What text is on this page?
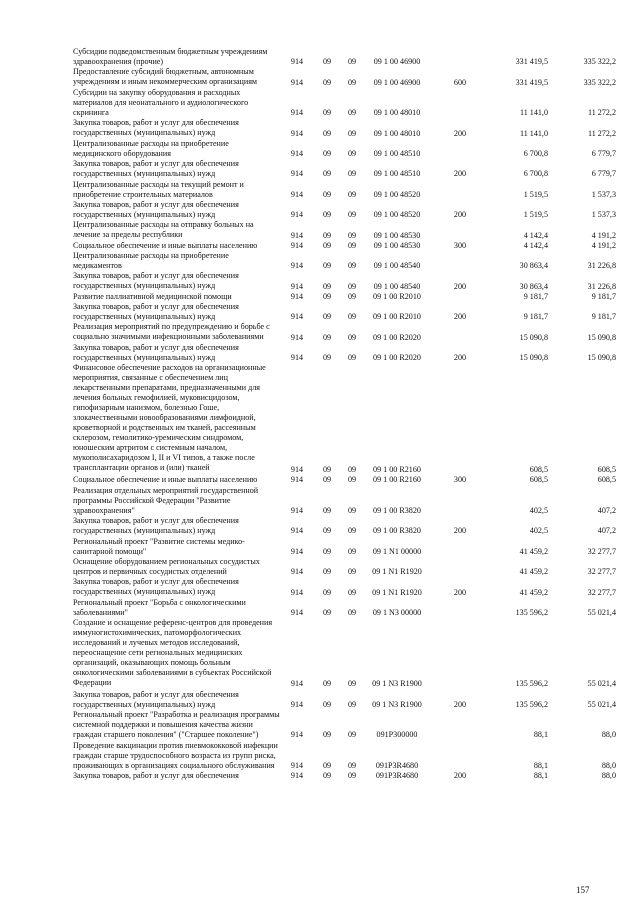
Субсидии подведомственным бюджетным учреждениям
здравоохранения (прочие)	914	09	09	09 1 00 46900	331 419,5	335 322,2
Предоставление субсидий бюджетным, автономным
учреждениям и иным некоммерческим организациям	914	09	09	09 1 00 46900	600	331 419,5	335 322,2
Субсидии на закупку оборудования и расходных
материалов для неонатального и аудиологического
скрининга	914	09	09	09 1 00 48010	11 141,0	11 272,2
Закупка товаров, работ и услуг для обеспечения
государственных (муниципальных) нужд	914	09	09	09 1 00 48010	200	11 141,0	11 272,2
Централизованные расходы на приобретение
медицинского оборудования	914	09	09	09 1 00 48510	6 700,8	6 779,7
Закупка товаров, работ и услуг для обеспечения
государственных (муниципальных) нужд	914	09	09	09 1 00 48510	200	6 700,8	6 779,7
Централизованные расходы на текущий ремонт и
приобретение строительных материалов	914	09	09	09 1 00 48520	1 519,5	1 537,3
Закупка товаров, работ и услуг для обеспечения
государственных (муниципальных) нужд	914	09	09	09 1 00 48520	200	1 519,5	1 537,3
Централизованные расходы на отправку больных на
лечение за пределы республики	914	09	09	09 1 00 48530	4 142,4	4 191,2
Социальное обеспечение и иные выплаты населению	914	09	09	09 1 00 48530	300	4 142,4	4 191,2
Централизованные расходы на приобретение
медикаментов	914	09	09	09 1 00 48540	30 863,4	31 226,8
Закупка товаров, работ и услуг для обеспечения
государственных (муниципальных) нужд	914	09	09	09 1 00 48540	200	30 863,4	31 226,8
Развитие паллиативной медицинской помощи	914	09	09	09 1 00 R2010	9 181,7	9 181,7
Закупка товаров, работ и услуг для обеспечения
государственных (муниципальных) нужд	914	09	09	09 1 00 R2010	200	9 181,7	9 181,7
Реализация мероприятий по предупреждению и борьбе с
социально значимыми инфекционными заболеваниями	914	09	09	09 1 00 R2020	15 090,8	15 090,8
Закупка товаров, работ и услуг для обеспечения
государственных (муниципальных) нужд	914	09	09	09 1 00 R2020	200	15 090,8	15 090,8
Финансовое обеспечение расходов на организационные
мероприятия, связанные с обеспечением лиц
лекарственными препаратами, предназначенными для
лечения больных гемофилией, муковисцидозом,
гипофизарным нанизмом, болезнью Гоше,
злокачественными новообразованиями лимфоидной,
кроветворной и родственных им тканей, рассеянным
склерозом, гемолитико-уремическим синдромом,
юношеским артритом с системным началом,
мукополисахаридозом I, II и VI типов, а также после
трансплантации органов и (или) тканей	914	09	09	09 1 00 R2160	608,5	608,5
Социальное обеспечение и иные выплаты населению	914	09	09	09 1 00 R2160	300	608,5	608,5
Реализация отдельных мероприятий государственной
программы Российской Федерации "Развитие
здравоохранения"	914	09	09	09 1 00 R3820	402,5	407,2
Закупка товаров, работ и услуг для обеспечения
государственных (муниципальных) нужд	914	09	09	09 1 00 R3820	200	402,5	407,2
Региональный проект "Развитие системы медико-
санитарной помощи"	914	09	09	09 1 N1 00000	41 459,2	32 277,7
Оснащение оборудованием региональных сосудистых
центров и первичных сосудистых отделений	914	09	09	09 1 N1 R1920	41 459,2	32 277,7
Закупка товаров, работ и услуг для обеспечения
государственных (муниципальных) нужд	914	09	09	09 1 N1 R1920	200	41 459,2	32 277,7
Региональный проект "Борьба с онкологическими
заболеваниями"	914	09	09	09 1 N3 00000	135 596,2	55 021,4
Создание и оснащение референс-центров для проведения
иммуногистохимических, патоморфологических
исследований и лучевых методов исследований,
переоснащение сети региональных медицинских
организаций, оказывающих помощь больным
онкологическими заболеваниями в субъектах Российской
Федерации	914	09	09	09 1 N3 R1900	135 596,2	55 021,4
Закупка товаров, работ и услуг для обеспечения
государственных (муниципальных) нужд	914	09	09	09 1 N3 R1900	200	135 596,2	55 021,4
Региональный проект "Разработка и реализация программы
системной поддержки и повышения качества жизни
граждан старшего поколения" ("Старшее поколение")	914	09	09	091P300000	88,1	88,0
Проведение вакцинации против пневмококковой инфекции
граждан старше трудоспособного возраста из групп риска,
проживающих в организациях социального обслуживания	914	09	09	091P3R4680	88,1	88,0
Закупка товаров, работ и услуг для обеспечения	914	09	09	091P3R4680	200	88,1	88,0
157
